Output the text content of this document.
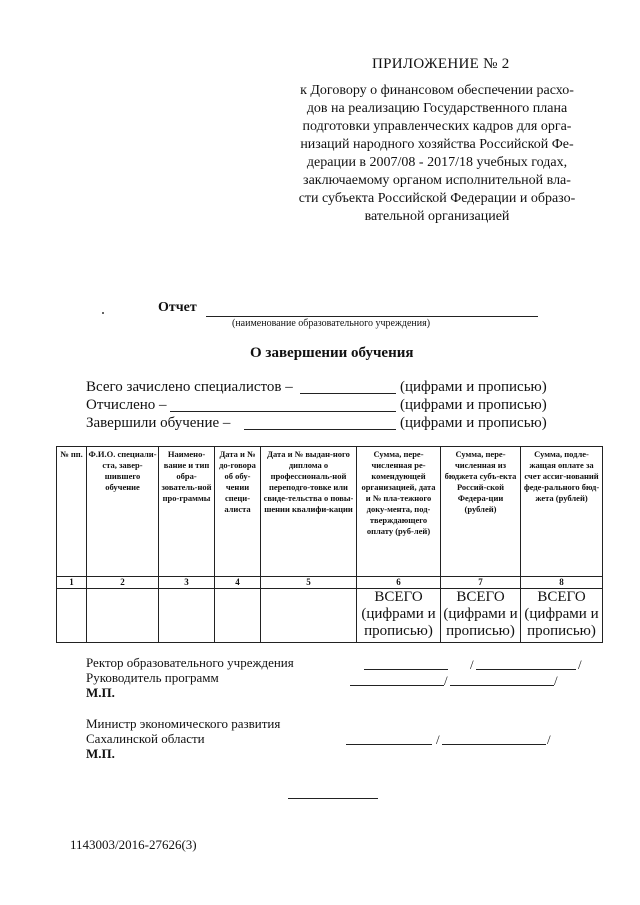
ПРИЛОЖЕНИЕ № 2
к Договору о финансовом обеспечении расхо-
дов на реализацию Государственного плана
подготовки управленческих кадров для орга-
низаций народного хозяйства Российской Фе-
дерации в 2007/08 - 2017/18 учебных годах,
заключаемому органом исполнительной вла-
сти субъекта Российской Федерации и образо-
вательной организацией
Отчет
(наименование образовательного учреждения)
О завершении обучения
Всего зачислено специалистов –	(цифрами и прописью)
Отчислено –	(цифрами и прописью)
Завершили обучение –	(цифрами и прописью)
№ пп.	Ф.И.О. специали-ста, завер-шившего обучение	Наимено-вание и тип обра-зователь-ной про-граммы	Дата и № до-говора об обу-чении специ-алиста	Дата и № выдан-ного диплома о профессиональ-ной переподго-товке или свиде-тельства о повы-шении квалифи-кации	Сумма, пере-численная ре-комендующей организацией, дата и № пла-тежного доку-мента, под-тверждающего оплату (руб-лей)	Сумма, пере-численная из бюджета субъ-екта Россий-ской Федера-ции (рублей)	Сумма, подле-жащая оплате за счет ассиг-нований феде-рального бюд-жета (рублей)
1	2	3	4	5	6	7	8
					ВСЕГО (цифрами и прописью)	ВСЕГО (цифрами и прописью)	ВСЕГО (цифрами и прописью)
Ректор образовательного учреждения
Руководитель программ
М.П.
/	/
/	/
Министр экономического развития
Сахалинской области
М.П.
/	/
1143003/2016-27626(3)
